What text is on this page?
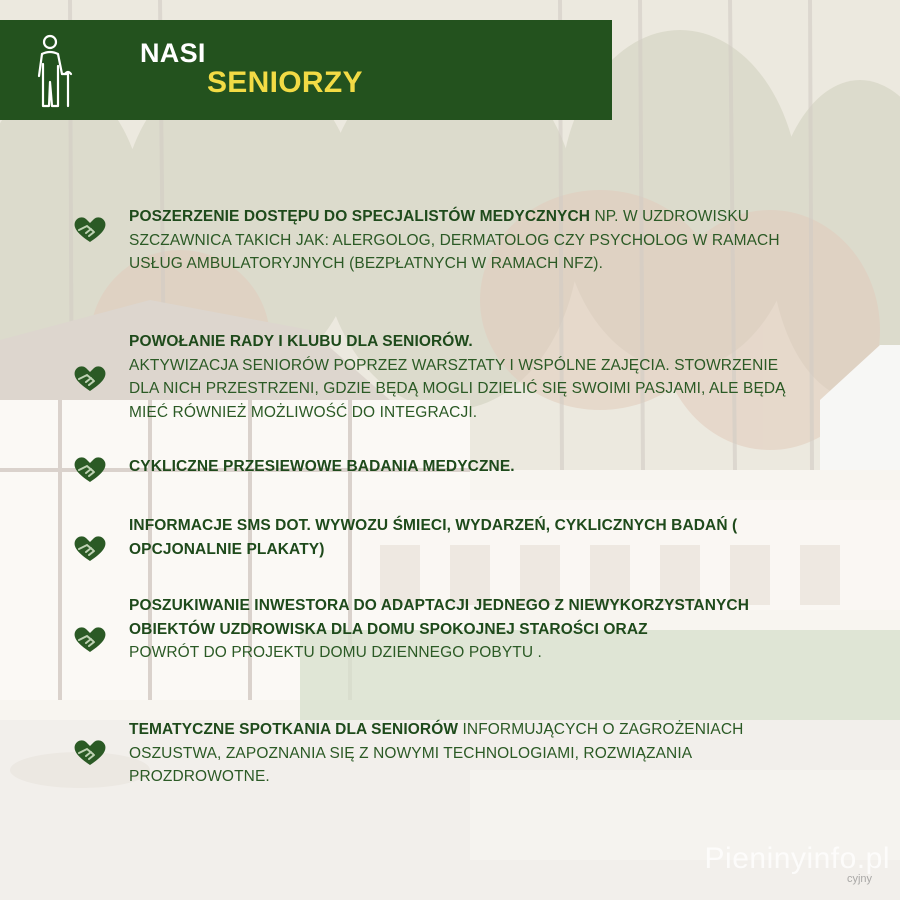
NASI
SENIORZY
POSZERZENIE DOSTĘPU DO SPECJALISTÓW MEDYCZNYCH NP. W UZDROWISKU SZCZAWNICA TAKICH JAK: ALERGOLOG, DERMATOLOG CZY PSYCHOLOG W RAMACH USŁUG AMBULATORYJNYCH (BEZPŁATNYCH W RAMACH NFZ).
POWOŁANIE RADY I KLUBU DLA SENIORÓW.
AKTYWIZACJA SENIORÓW POPRZEZ WARSZTATY I WSPÓLNE ZAJĘCIA. STOWRZENIE DLA NICH PRZESTRZENI, GDZIE BĘDĄ MOGLI DZIELIĆ SIĘ SWOIMI PASJAMI, ALE BĘDĄ MIEĆ RÓWNIEŻ MOŻLIWOŚĆ DO INTEGRACJI.
CYKLICZNE PRZESIEWOWE BADANIA MEDYCZNE.
INFORMACJE SMS DOT. WYWOZU ŚMIECI, WYDARZEŃ, CYKLICZNYCH BADAŃ ( OPCJONALNIE PLAKATY)
POSZUKIWANIE INWESTORA DO ADAPTACJI JEDNEGO Z NIEWYKORZYSTANYCH OBIEKTÓW UZDROWISKA DLA DOMU SPOKOJNEJ STAROŚCI ORAZ
POWRÓT DO PROJEKTU DOMU DZIENNEGO POBYTU .
TEMATYCZNE SPOTKANIA DLA SENIORÓW INFORMUJĄCYCH O ZAGROŻENIACH OSZUSTWA, ZAPOZNANIA SIĘ Z NOWYMI TECHNOLOGIAMI, ROZWIĄZANIA PROZDROWOTNE.
Pieninyinfo.pl
cyjny
